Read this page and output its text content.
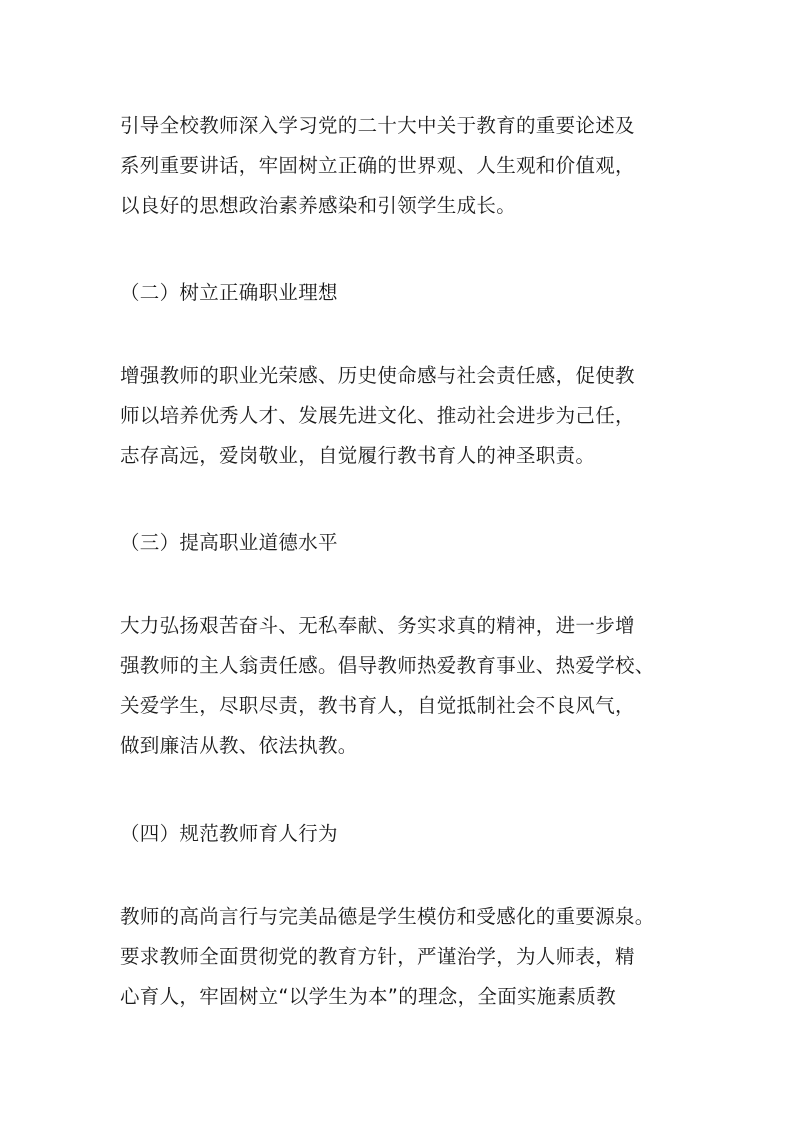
引导全校教师深入学习党的二十大中关于教育的重要论述及
系列重要讲话，牢固树立正确的世界观、人生观和价值观，
以良好的思想政治素养感染和引领学生成长。
（二）树立正确职业理想
增强教师的职业光荣感、历史使命感与社会责任感，促使教
师以培养优秀人才、发展先进文化、推动社会进步为己任，
志存高远，爱岗敬业，自觉履行教书育人的神圣职责。
（三）提高职业道德水平
大力弘扬艰苦奋斗、无私奉献、务实求真的精神，进一步增
强教师的主人翁责任感。倡导教师热爱教育事业、热爱学校、
关爱学生，尽职尽责，教书育人，自觉抵制社会不良风气，
做到廉洁从教、依法执教。
（四）规范教师育人行为
教师的高尚言行与完美品德是学生模仿和受感化的重要源泉。
要求教师全面贯彻党的教育方针，严谨治学，为人师表，精
心育人，牢固树立“以学生为本”的理念，全面实施素质教
